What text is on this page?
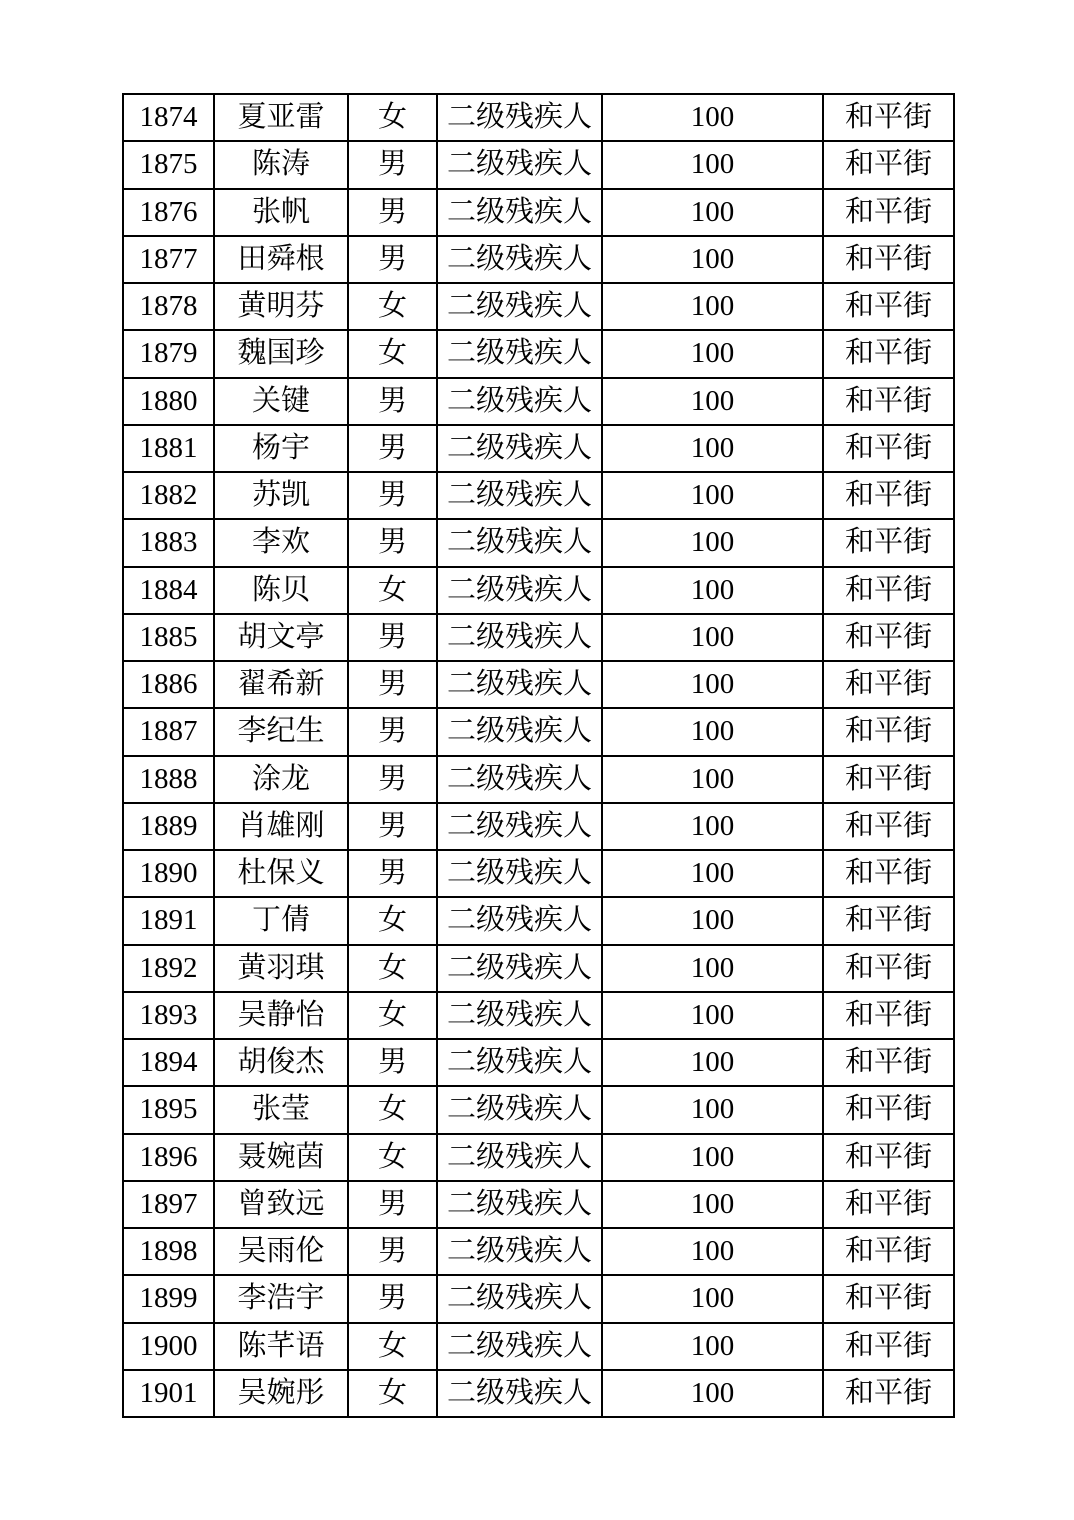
1874	夏亚雷	女	二级残疾人	100	和平街
1875	陈涛	男	二级残疾人	100	和平街
1876	张帆	男	二级残疾人	100	和平街
1877	田舜根	男	二级残疾人	100	和平街
1878	黄明芬	女	二级残疾人	100	和平街
1879	魏国珍	女	二级残疾人	100	和平街
1880	关键	男	二级残疾人	100	和平街
1881	杨宇	男	二级残疾人	100	和平街
1882	苏凯	男	二级残疾人	100	和平街
1883	李欢	男	二级残疾人	100	和平街
1884	陈贝	女	二级残疾人	100	和平街
1885	胡文亭	男	二级残疾人	100	和平街
1886	翟希新	男	二级残疾人	100	和平街
1887	李纪生	男	二级残疾人	100	和平街
1888	涂龙	男	二级残疾人	100	和平街
1889	肖雄刚	男	二级残疾人	100	和平街
1890	杜保义	男	二级残疾人	100	和平街
1891	丁倩	女	二级残疾人	100	和平街
1892	黄羽琪	女	二级残疾人	100	和平街
1893	吴静怡	女	二级残疾人	100	和平街
1894	胡俊杰	男	二级残疾人	100	和平街
1895	张莹	女	二级残疾人	100	和平街
1896	聂婉茵	女	二级残疾人	100	和平街
1897	曾致远	男	二级残疾人	100	和平街
1898	吴雨伦	男	二级残疾人	100	和平街
1899	李浩宇	男	二级残疾人	100	和平街
1900	陈芊语	女	二级残疾人	100	和平街
1901	吴婉彤	女	二级残疾人	100	和平街
